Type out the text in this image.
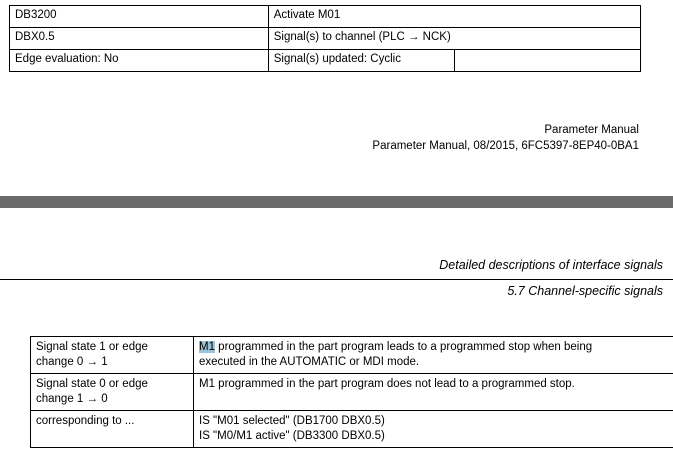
DB3200	Activate M01	
DBX0.5	Signal(s) to channel (PLC → NCK)	
Edge evaluation: No	Signal(s) updated: Cyclic	
Parameter Manual
Parameter Manual, 08/2015, 6FC5397-8EP40-0BA1
Detailed descriptions of interface signals
5.7 Channel-specific signals
Signal state 1 or edge
change 0 → 1	M1 programmed in the part program leads to a programmed stop when being
executed in the AUTOMATIC or MDI mode.
Signal state 0 or edge
change 1 → 0	M1 programmed in the part program does not lead to a programmed stop.
corresponding to ...	IS "M01 selected" (DB1700 DBX0.5)
IS "M0/M1 active" (DB3300 DBX0.5)
